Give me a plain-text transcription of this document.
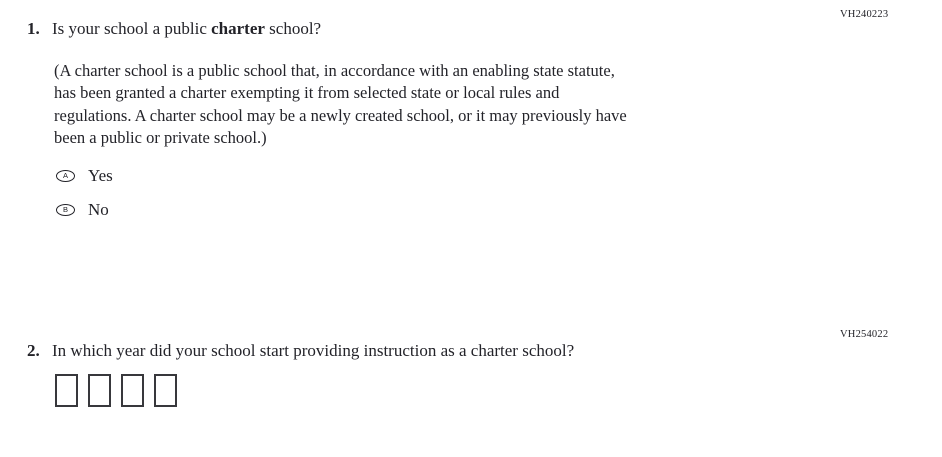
VH240223
1. Is your school a public charter school?
(A charter school is a public school that, in accordance with an enabling state statute,
has been granted a charter exempting it from selected state or local rules and
regulations. A charter school may be a newly created school, or it may previously have
been a public or private school.)
A	Yes
B	No
VH254022
2. In which year did your school start providing instruction as a charter school?
